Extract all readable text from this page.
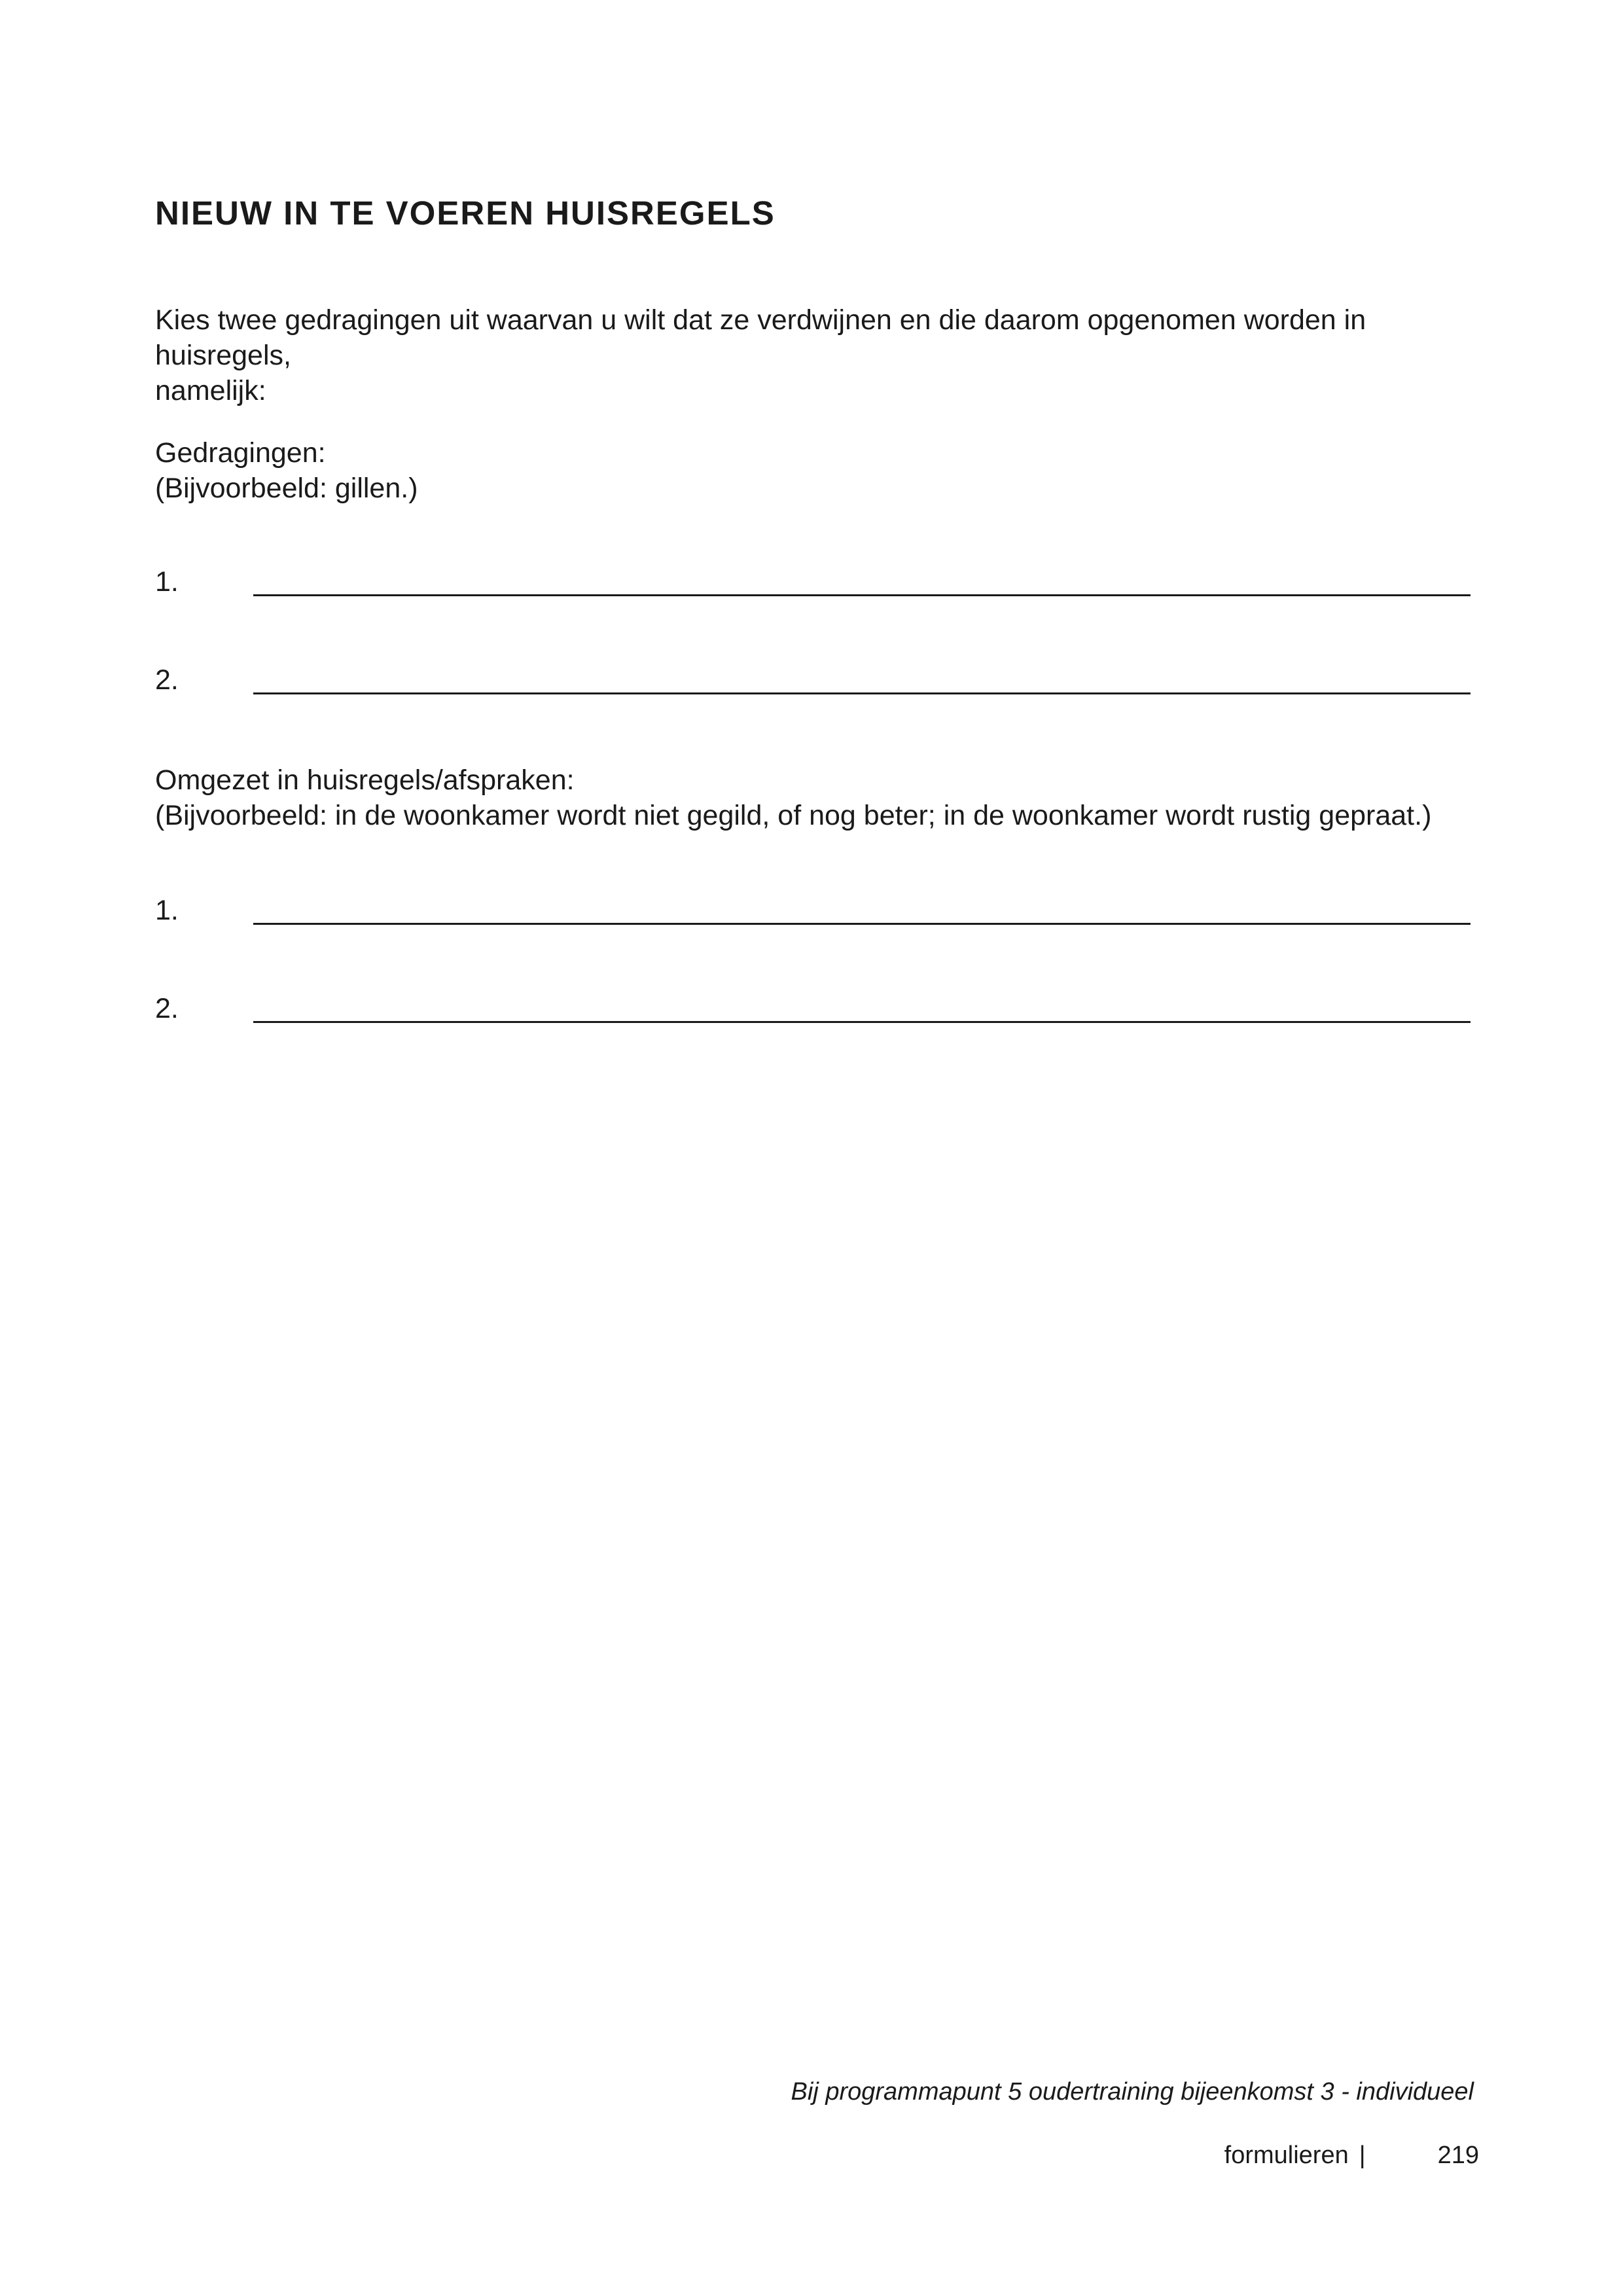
NIEUW IN TE VOEREN HUISREGELS

Kies twee gedragingen uit waarvan u wilt dat ze verdwijnen en die daarom opgenomen worden in huisregels,
namelijk:

Gedragingen:
(Bijvoorbeeld: gillen.)

1.
2.

Omgezet in huisregels/afspraken:
(Bijvoorbeeld: in de woonkamer wordt niet gegild, of nog beter; in de woonkamer wordt rustig gepraat.)

1.
2.

Bij programmapunt 5 oudertraining bijeenkomst 3 - individueel

formulieren |	219
